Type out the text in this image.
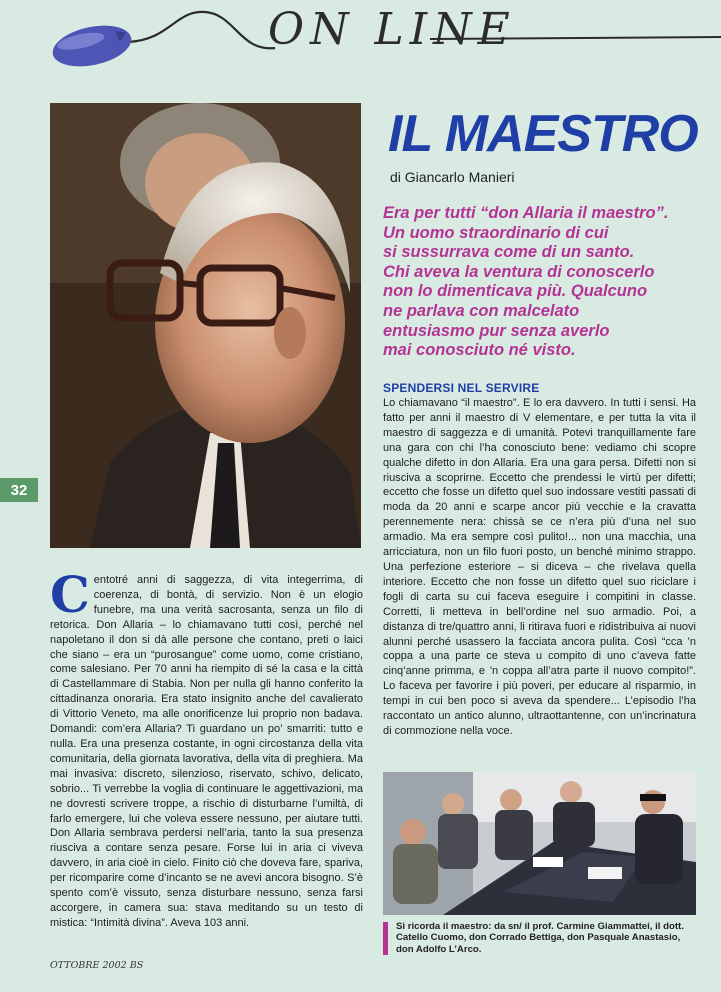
ON LINE
32
IL MAESTRO
di Giancarlo Manieri
Era per tutti “don Allaria il maestro”.
Un uomo straordinario di cui
si sussurrava come di un santo.
Chi aveva la ventura di conoscerlo
non lo dimenticava più. Qualcuno
ne parlava con malcelato
entusiasmo pur senza averlo
mai conosciuto né visto.
SPENDERSI NEL SERVIRE
Lo chiamavano “il maestro”. E lo era davvero. In tutti i sensi. Ha fatto per anni il maestro di V elementare, e per tutta la vita il maestro di saggezza e di umanità. Potevi tranquillamente fare una gara con chi l’ha conosciuto bene: vediamo chi scopre qualche difetto in don Allaria. Era una gara persa. Difetti non si riusciva a scoprirne. Eccetto che prendessi le virtù per difetti; eccetto che fosse un difetto quel suo indossare vestiti passati di moda da 20 anni e scarpe ancor più vecchie e la cravatta perennemente nera: chissà se ce n’era più d’una nel suo armadio. Ma era sempre così pulito!... non una macchia, una arricciatura, non un filo fuori posto, un benché minimo strappo. Una perfezione esteriore – si diceva – che rivelava quella interiore. Eccetto che non fosse un difetto quel suo riciclare i fogli di carta su cui faceva eseguire i compitini in classe. Corretti, li metteva in bell’ordine nel suo armadio. Poi, a distanza di tre/quattro anni, li ritirava fuori e ridistribuiva ai nuovi alunni perché usassero la facciata ancora pulita. Così “cca ’n coppa a una parte ce steva u compito di uno c’aveva fatte cinq’anne primma, e ’n coppa all’atra parte il nuovo compito!”. Lo faceva per favorire i più poveri, per educare al risparmio, in tempi in cui ben poco si aveva da spendere... L’episodio l’ha raccontato un antico alunno, ultraottantenne, con un’incrinatura di commozione nella voce.
Centotré anni di saggezza, di vita integerrima, di coerenza, di bontà, di servizio. Non è un elogio funebre, ma una verità sacrosanta, senza un filo di retorica. Don Allaria – lo chiamavano tutti così, perché nel napoletano il don si dà alle persone che contano, preti o laici che siano – era un “purosangue” come uomo, come cristiano, come salesiano. Per 70 anni ha riempito di sé la casa e la città di Castellammare di Stabia. Non per nulla gli hanno conferito la cittadinanza onoraria. Era stato insignito anche del cavalierato di Vittorio Veneto, ma alle onorificenze lui proprio non badava. Domandi: com’era Allaria? Ti guardano un po’ smarriti: tutto e nulla. Era una presenza costante, in ogni circostanza della vita comunitaria, della giornata lavorativa, della vita di preghiera. Ma mai invasiva: discreto, silenzioso, riservato, schivo, delicato, sobrio... Ti verrebbe la voglia di continuare le aggettivazioni, ma ne dovresti scrivere troppe, a rischio di disturbarne l’umiltà, di farlo emergere, lui che voleva essere nessuno, per aiutare tutti. Don Allaria sembrava perdersi nell’aria, tanto la sua presenza riusciva a contare senza pesare. Forse lui in aria ci viveva davvero, in aria cioè in cielo. Finito ciò che doveva fare, spariva, per ricomparire come d’incanto se ne avevi ancora bisogno. S’è spento com’è vissuto, senza disturbare nessuno, senza farsi accorgere, in camera sua: stava meditando su un testo di mistica: “Intimità divina”. Aveva 103 anni.	Si ricorda il maestro: da sn/ il prof. Carmine Giammattei, il dott. Catello Cuomo, don Corrado Bettiga, don Pasquale Anastasio, don Adolfo L’Arco.
OTTOBRE 2002 BS
